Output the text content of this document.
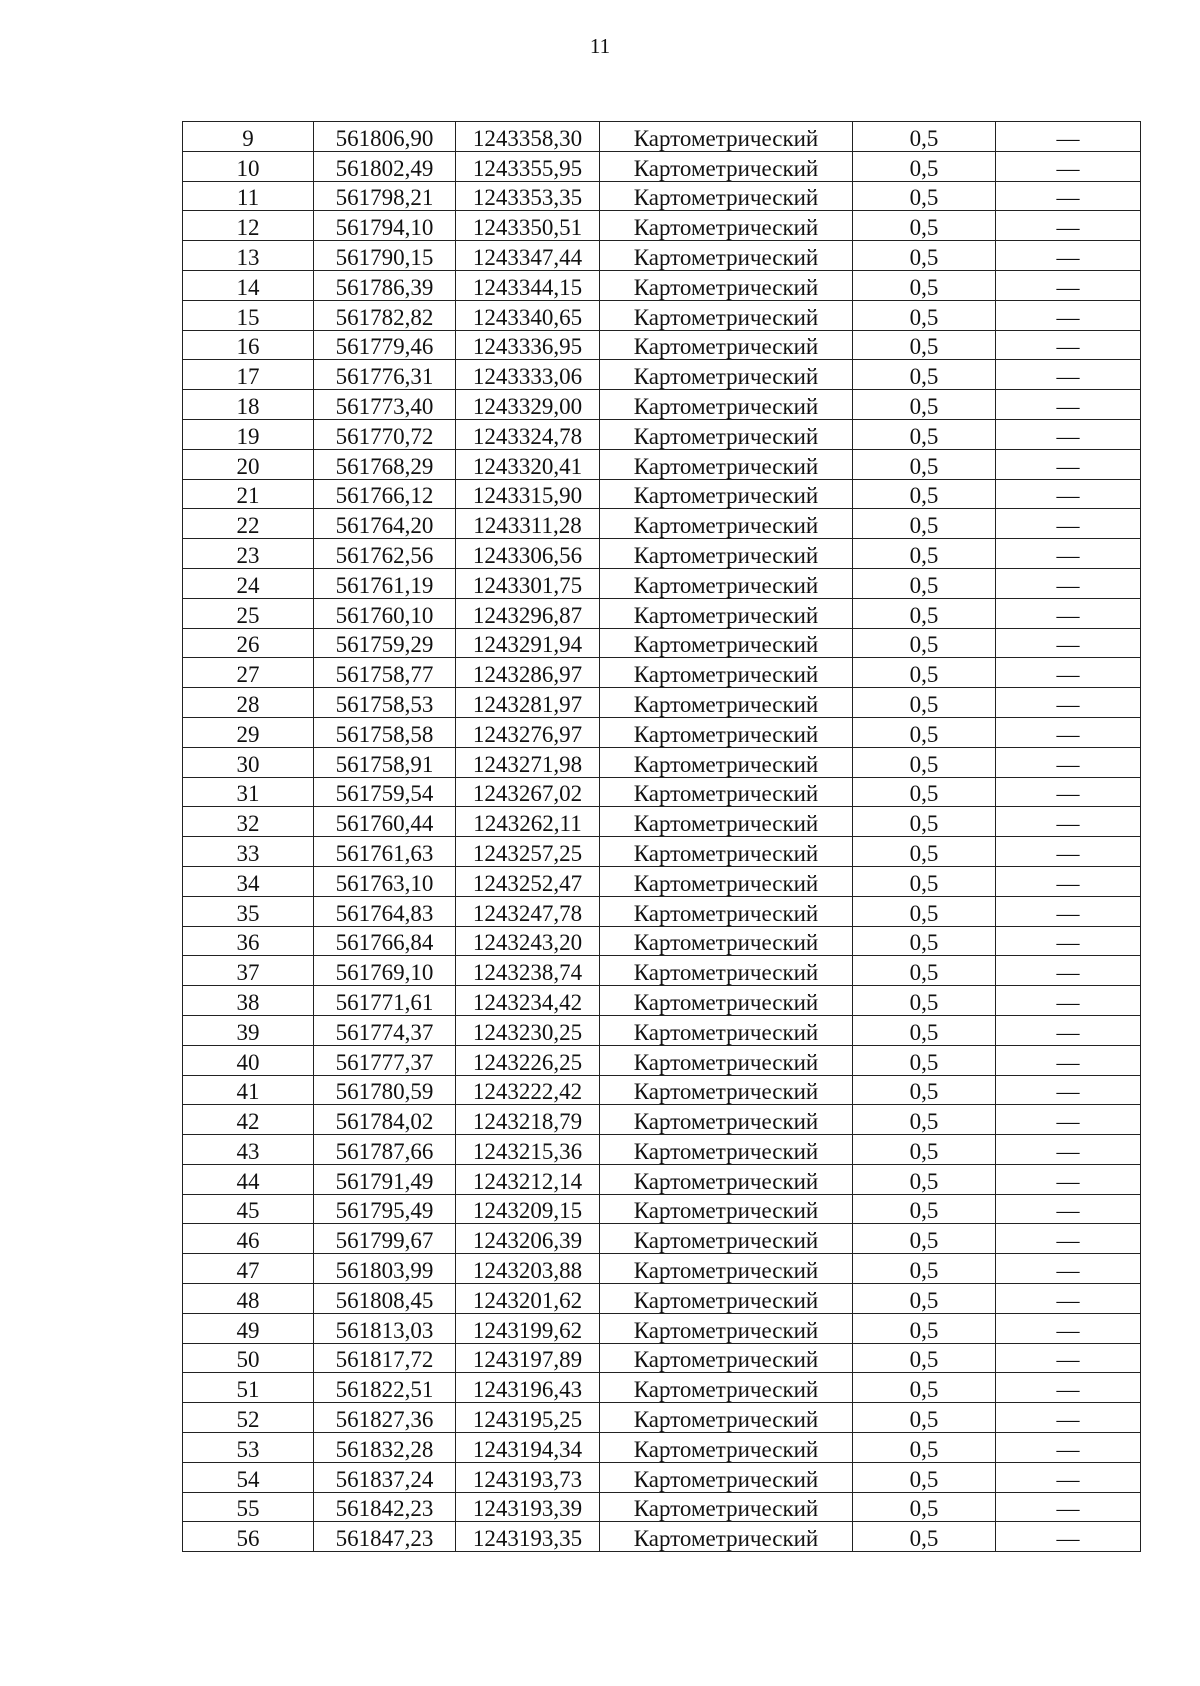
11
9	561806,90	1243358,30	Картометрический	0,5	—
10	561802,49	1243355,95	Картометрический	0,5	—
11	561798,21	1243353,35	Картометрический	0,5	—
12	561794,10	1243350,51	Картометрический	0,5	—
13	561790,15	1243347,44	Картометрический	0,5	—
14	561786,39	1243344,15	Картометрический	0,5	—
15	561782,82	1243340,65	Картометрический	0,5	—
16	561779,46	1243336,95	Картометрический	0,5	—
17	561776,31	1243333,06	Картометрический	0,5	—
18	561773,40	1243329,00	Картометрический	0,5	—
19	561770,72	1243324,78	Картометрический	0,5	—
20	561768,29	1243320,41	Картометрический	0,5	—
21	561766,12	1243315,90	Картометрический	0,5	—
22	561764,20	1243311,28	Картометрический	0,5	—
23	561762,56	1243306,56	Картометрический	0,5	—
24	561761,19	1243301,75	Картометрический	0,5	—
25	561760,10	1243296,87	Картометрический	0,5	—
26	561759,29	1243291,94	Картометрический	0,5	—
27	561758,77	1243286,97	Картометрический	0,5	—
28	561758,53	1243281,97	Картометрический	0,5	—
29	561758,58	1243276,97	Картометрический	0,5	—
30	561758,91	1243271,98	Картометрический	0,5	—
31	561759,54	1243267,02	Картометрический	0,5	—
32	561760,44	1243262,11	Картометрический	0,5	—
33	561761,63	1243257,25	Картометрический	0,5	—
34	561763,10	1243252,47	Картометрический	0,5	—
35	561764,83	1243247,78	Картометрический	0,5	—
36	561766,84	1243243,20	Картометрический	0,5	—
37	561769,10	1243238,74	Картометрический	0,5	—
38	561771,61	1243234,42	Картометрический	0,5	—
39	561774,37	1243230,25	Картометрический	0,5	—
40	561777,37	1243226,25	Картометрический	0,5	—
41	561780,59	1243222,42	Картометрический	0,5	—
42	561784,02	1243218,79	Картометрический	0,5	—
43	561787,66	1243215,36	Картометрический	0,5	—
44	561791,49	1243212,14	Картометрический	0,5	—
45	561795,49	1243209,15	Картометрический	0,5	—
46	561799,67	1243206,39	Картометрический	0,5	—
47	561803,99	1243203,88	Картометрический	0,5	—
48	561808,45	1243201,62	Картометрический	0,5	—
49	561813,03	1243199,62	Картометрический	0,5	—
50	561817,72	1243197,89	Картометрический	0,5	—
51	561822,51	1243196,43	Картометрический	0,5	—
52	561827,36	1243195,25	Картометрический	0,5	—
53	561832,28	1243194,34	Картометрический	0,5	—
54	561837,24	1243193,73	Картометрический	0,5	—
55	561842,23	1243193,39	Картометрический	0,5	—
56	561847,23	1243193,35	Картометрический	0,5	—
